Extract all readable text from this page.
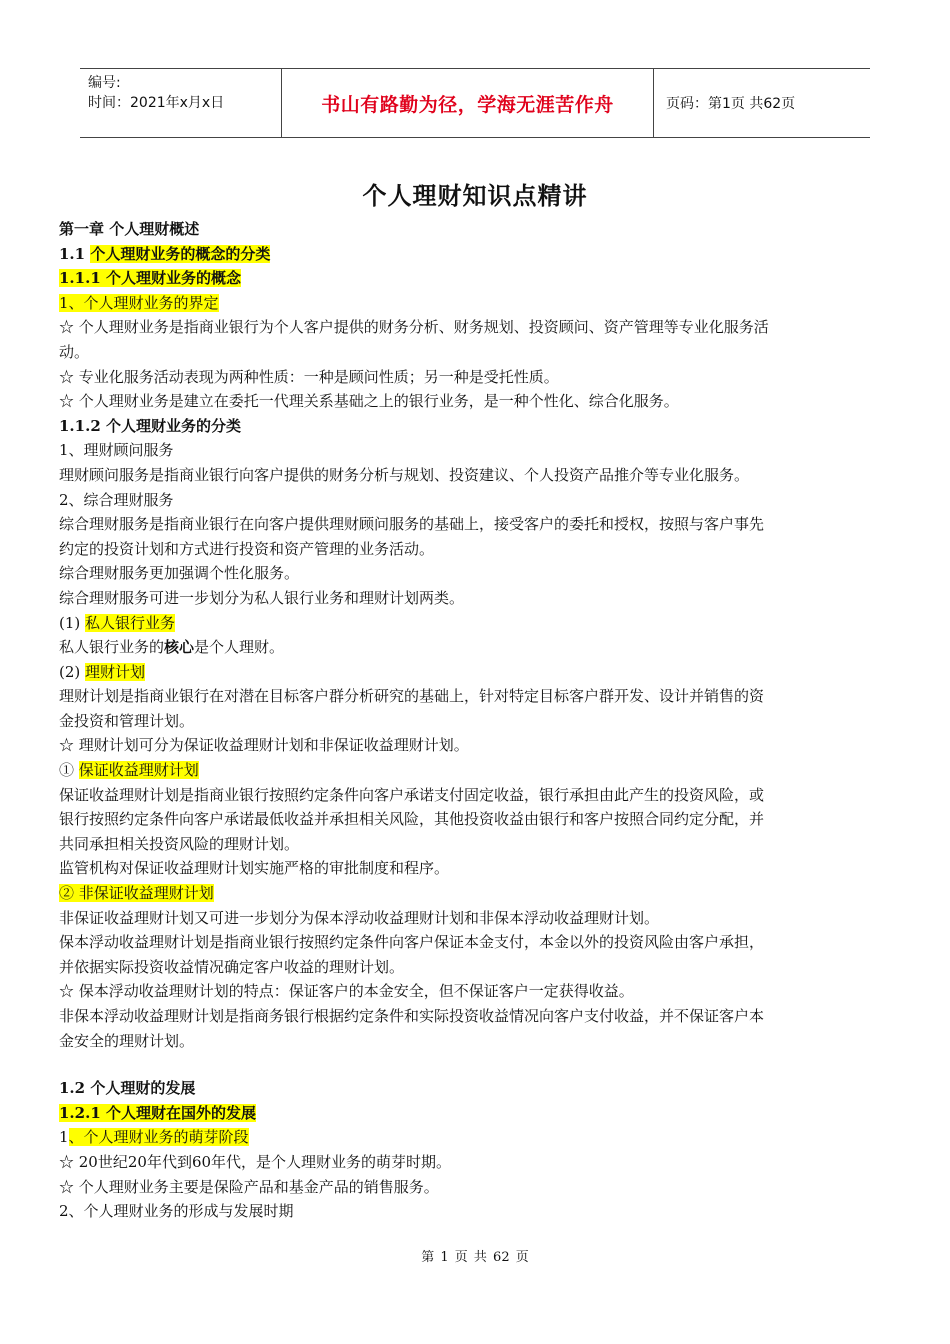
编号:
时间：2021年x月x日	书山有路勤为径，学海无涯苦作舟	页码：第1页 共62页
个人理财知识点精讲
第一章 个人理财概述
1.1 个人理财业务的概念的分类
1.1.1 个人理财业务的概念
1、个人理财业务的界定
☆ 个人理财业务是指商业银行为个人客户提供的财务分析、财务规划、投资顾问、资产管理等专业化服务活
动。
☆ 专业化服务活动表现为两种性质：一种是顾问性质；另一种是受托性质。
☆ 个人理财业务是建立在委托一代理关系基础之上的银行业务，是一种个性化、综合化服务。
1.1.2 个人理财业务的分类
1、理财顾问服务
理财顾问服务是指商业银行向客户提供的财务分析与规划、投资建议、个人投资产品推介等专业化服务。
2、综合理财服务
综合理财服务是指商业银行在向客户提供理财顾问服务的基础上，接受客户的委托和授权，按照与客户事先
约定的投资计划和方式进行投资和资产管理的业务活动。
综合理财服务更加强调个性化服务。
综合理财服务可进一步划分为私人银行业务和理财计划两类。
(1) 私人银行业务
私人银行业务的核心是个人理财。
(2) 理财计划
理财计划是指商业银行在对潜在目标客户群分析研究的基础上，针对特定目标客户群开发、设计并销售的资
金投资和管理计划。
☆ 理财计划可分为保证收益理财计划和非保证收益理财计划。
① 保证收益理财计划
保证收益理财计划是指商业银行按照约定条件向客户承诺支付固定收益，银行承担由此产生的投资风险，或
银行按照约定条件向客户承诺最低收益并承担相关风险，其他投资收益由银行和客户按照合同约定分配，并
共同承担相关投资风险的理财计划。
监管机构对保证收益理财计划实施严格的审批制度和程序。
② 非保证收益理财计划
非保证收益理财计划又可进一步划分为保本浮动收益理财计划和非保本浮动收益理财计划。
保本浮动收益理财计划是指商业银行按照约定条件向客户保证本金支付，本金以外的投资风险由客户承担，
并依据实际投资收益情况确定客户收益的理财计划。
☆ 保本浮动收益理财计划的特点：保证客户的本金安全，但不保证客户一定获得收益。
非保本浮动收益理财计划是指商务银行根据约定条件和实际投资收益情况向客户支付收益，并不保证客户本
金安全的理财计划。
1.2 个人理财的发展
1.2.1 个人理财在国外的发展
1、个人理财业务的萌芽阶段
☆ 20世纪20年代到60年代，是个人理财业务的萌芽时期。
☆ 个人理财业务主要是保险产品和基金产品的销售服务。
2、个人理财业务的形成与发展时期
第 1 页 共 62 页
